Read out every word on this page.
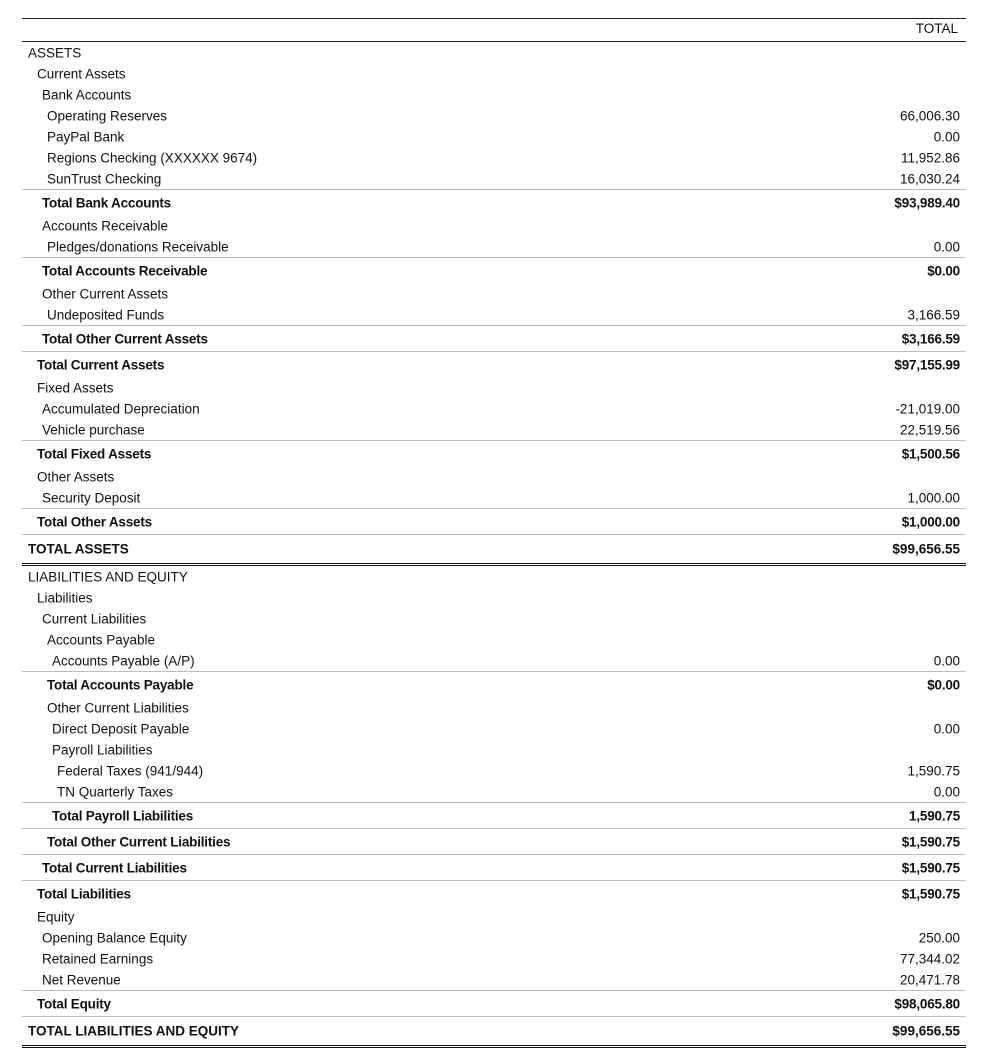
TOTAL
ASSETS
Current Assets
Bank Accounts
Operating Reserves	66,006.30
PayPal Bank	0.00
Regions Checking (XXXXXX 9674)	11,952.86
SunTrust Checking	16,030.24
Total Bank Accounts	$93,989.40
Accounts Receivable
Pledges/donations Receivable	0.00
Total Accounts Receivable	$0.00
Other Current Assets
Undeposited Funds	3,166.59
Total Other Current Assets	$3,166.59
Total Current Assets	$97,155.99
Fixed Assets
Accumulated Depreciation	-21,019.00
Vehicle purchase	22,519.56
Total Fixed Assets	$1,500.56
Other Assets
Security Deposit	1,000.00
Total Other Assets	$1,000.00
TOTAL ASSETS	$99,656.55
LIABILITIES AND EQUITY
Liabilities
Current Liabilities
Accounts Payable
Accounts Payable (A/P)	0.00
Total Accounts Payable	$0.00
Other Current Liabilities
Direct Deposit Payable	0.00
Payroll Liabilities
Federal Taxes (941/944)	1,590.75
TN Quarterly Taxes	0.00
Total Payroll Liabilities	1,590.75
Total Other Current Liabilities	$1,590.75
Total Current Liabilities	$1,590.75
Total Liabilities	$1,590.75
Equity
Opening Balance Equity	250.00
Retained Earnings	77,344.02
Net Revenue	20,471.78
Total Equity	$98,065.80
TOTAL LIABILITIES AND EQUITY	$99,656.55
